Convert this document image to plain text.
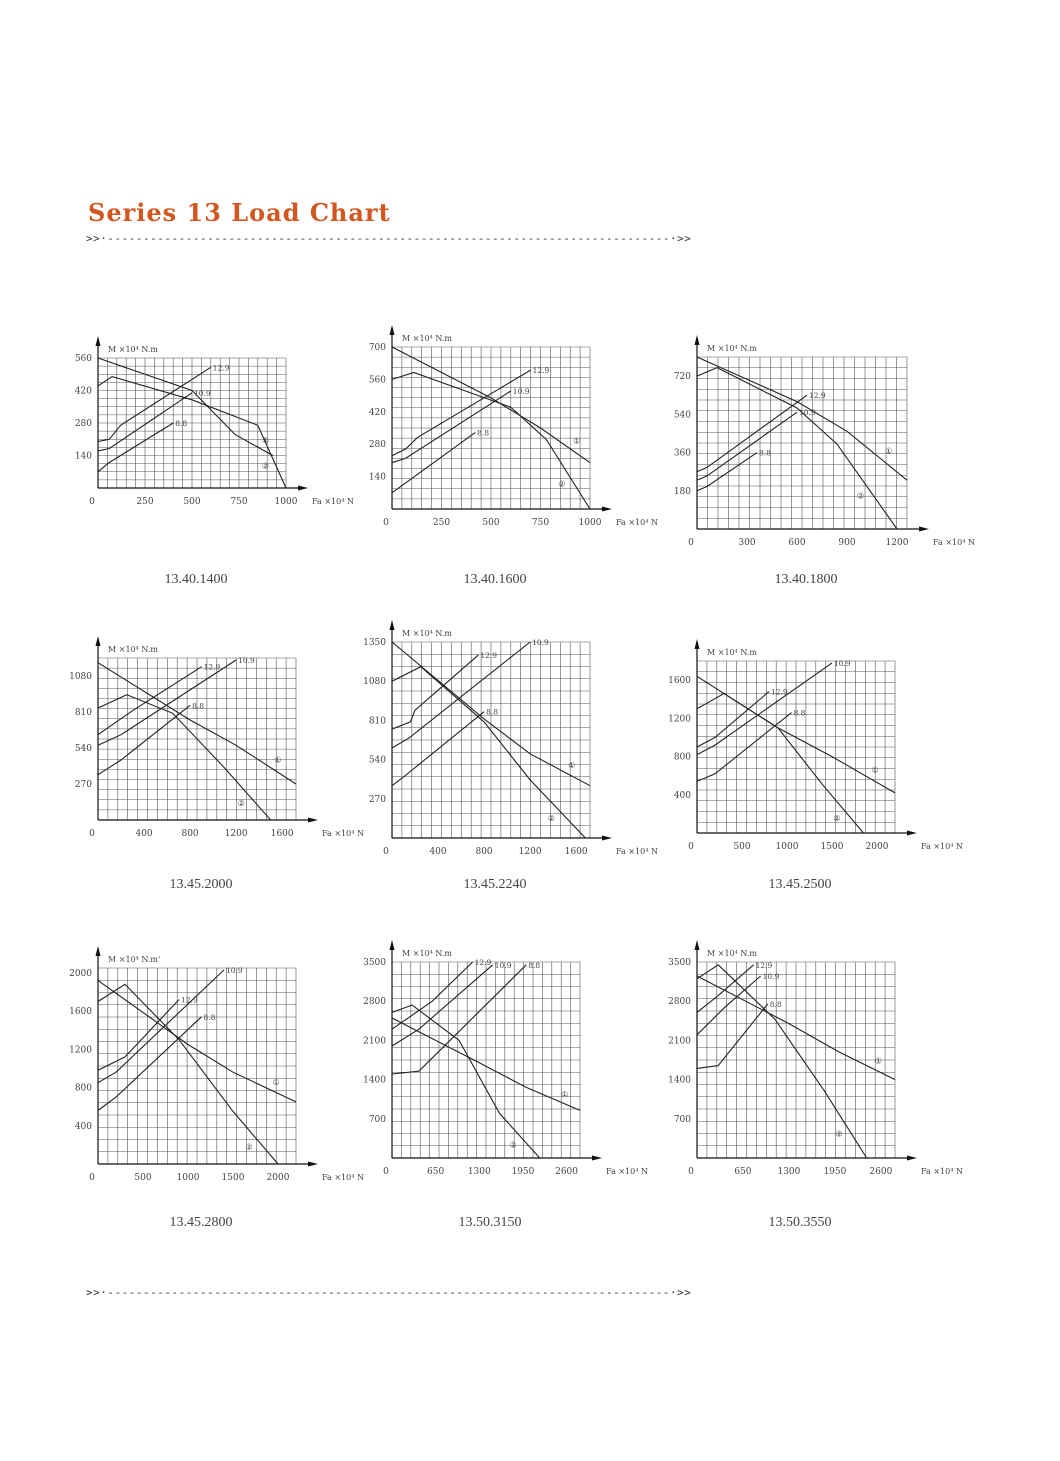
Series 13 Load Chart
>>·-------------------------------------------------------------------------------·>>
>>·-------------------------------------------------------------------------------·>>
140
280
420
560
0	250	500	750	1000
M ×10⁴ N.m
Fa ×10⁴ N
①
②
12.9
10.9
8.8
13.40.1400
140
280
420
560
700
0	250	500	750	1000
M ×10⁴ N.m
Fa ×10⁴ N
①
②
12.9
10.9
8.8
13.40.1600
180
360
540
720
0	300	600	900	1200
M ×10⁴ N.m
Fa ×10⁴ N
①
②
12.9
10.9
8.8
13.40.1800
270
540
810
1080
0	400	800	1200	1600
M ×10⁴ N.m
Fa ×10⁴ N
①
②
12.9
10.9
8.8
13.45.2000
270
540
810
1080
1350
0	400	800	1200	1600
M ×10⁴ N.m
Fa ×10⁴ N
①
②
12.9
10.9
8.8
13.45.2240
400
800
1200
1600
0	500	1000 1500 2000
M ×10⁴ N.m
Fa ×10⁴ N
①
②
12.9
10.9
8.8
13.45.2500
400
800
1200
1600
2000
0	500	1000 1500 2000
M ×10⁴ N.m'
Fa ×10⁴ N
①
②
12.9
10.9
8.8
13.45.2800
700
1400
2100
2800
3500
0	650	1300 1950 2600
M ×10⁴ N.m
Fa ×10⁴ N
①
②
12.9 10.9 8.8
13.50.3150
700
1400
2100
2800
3500
0	650	1300	1950	2600
M ×10⁴ N.m
Fa ×10⁴ N
①
②
12.9
10.9
8.8
13.50.3550
